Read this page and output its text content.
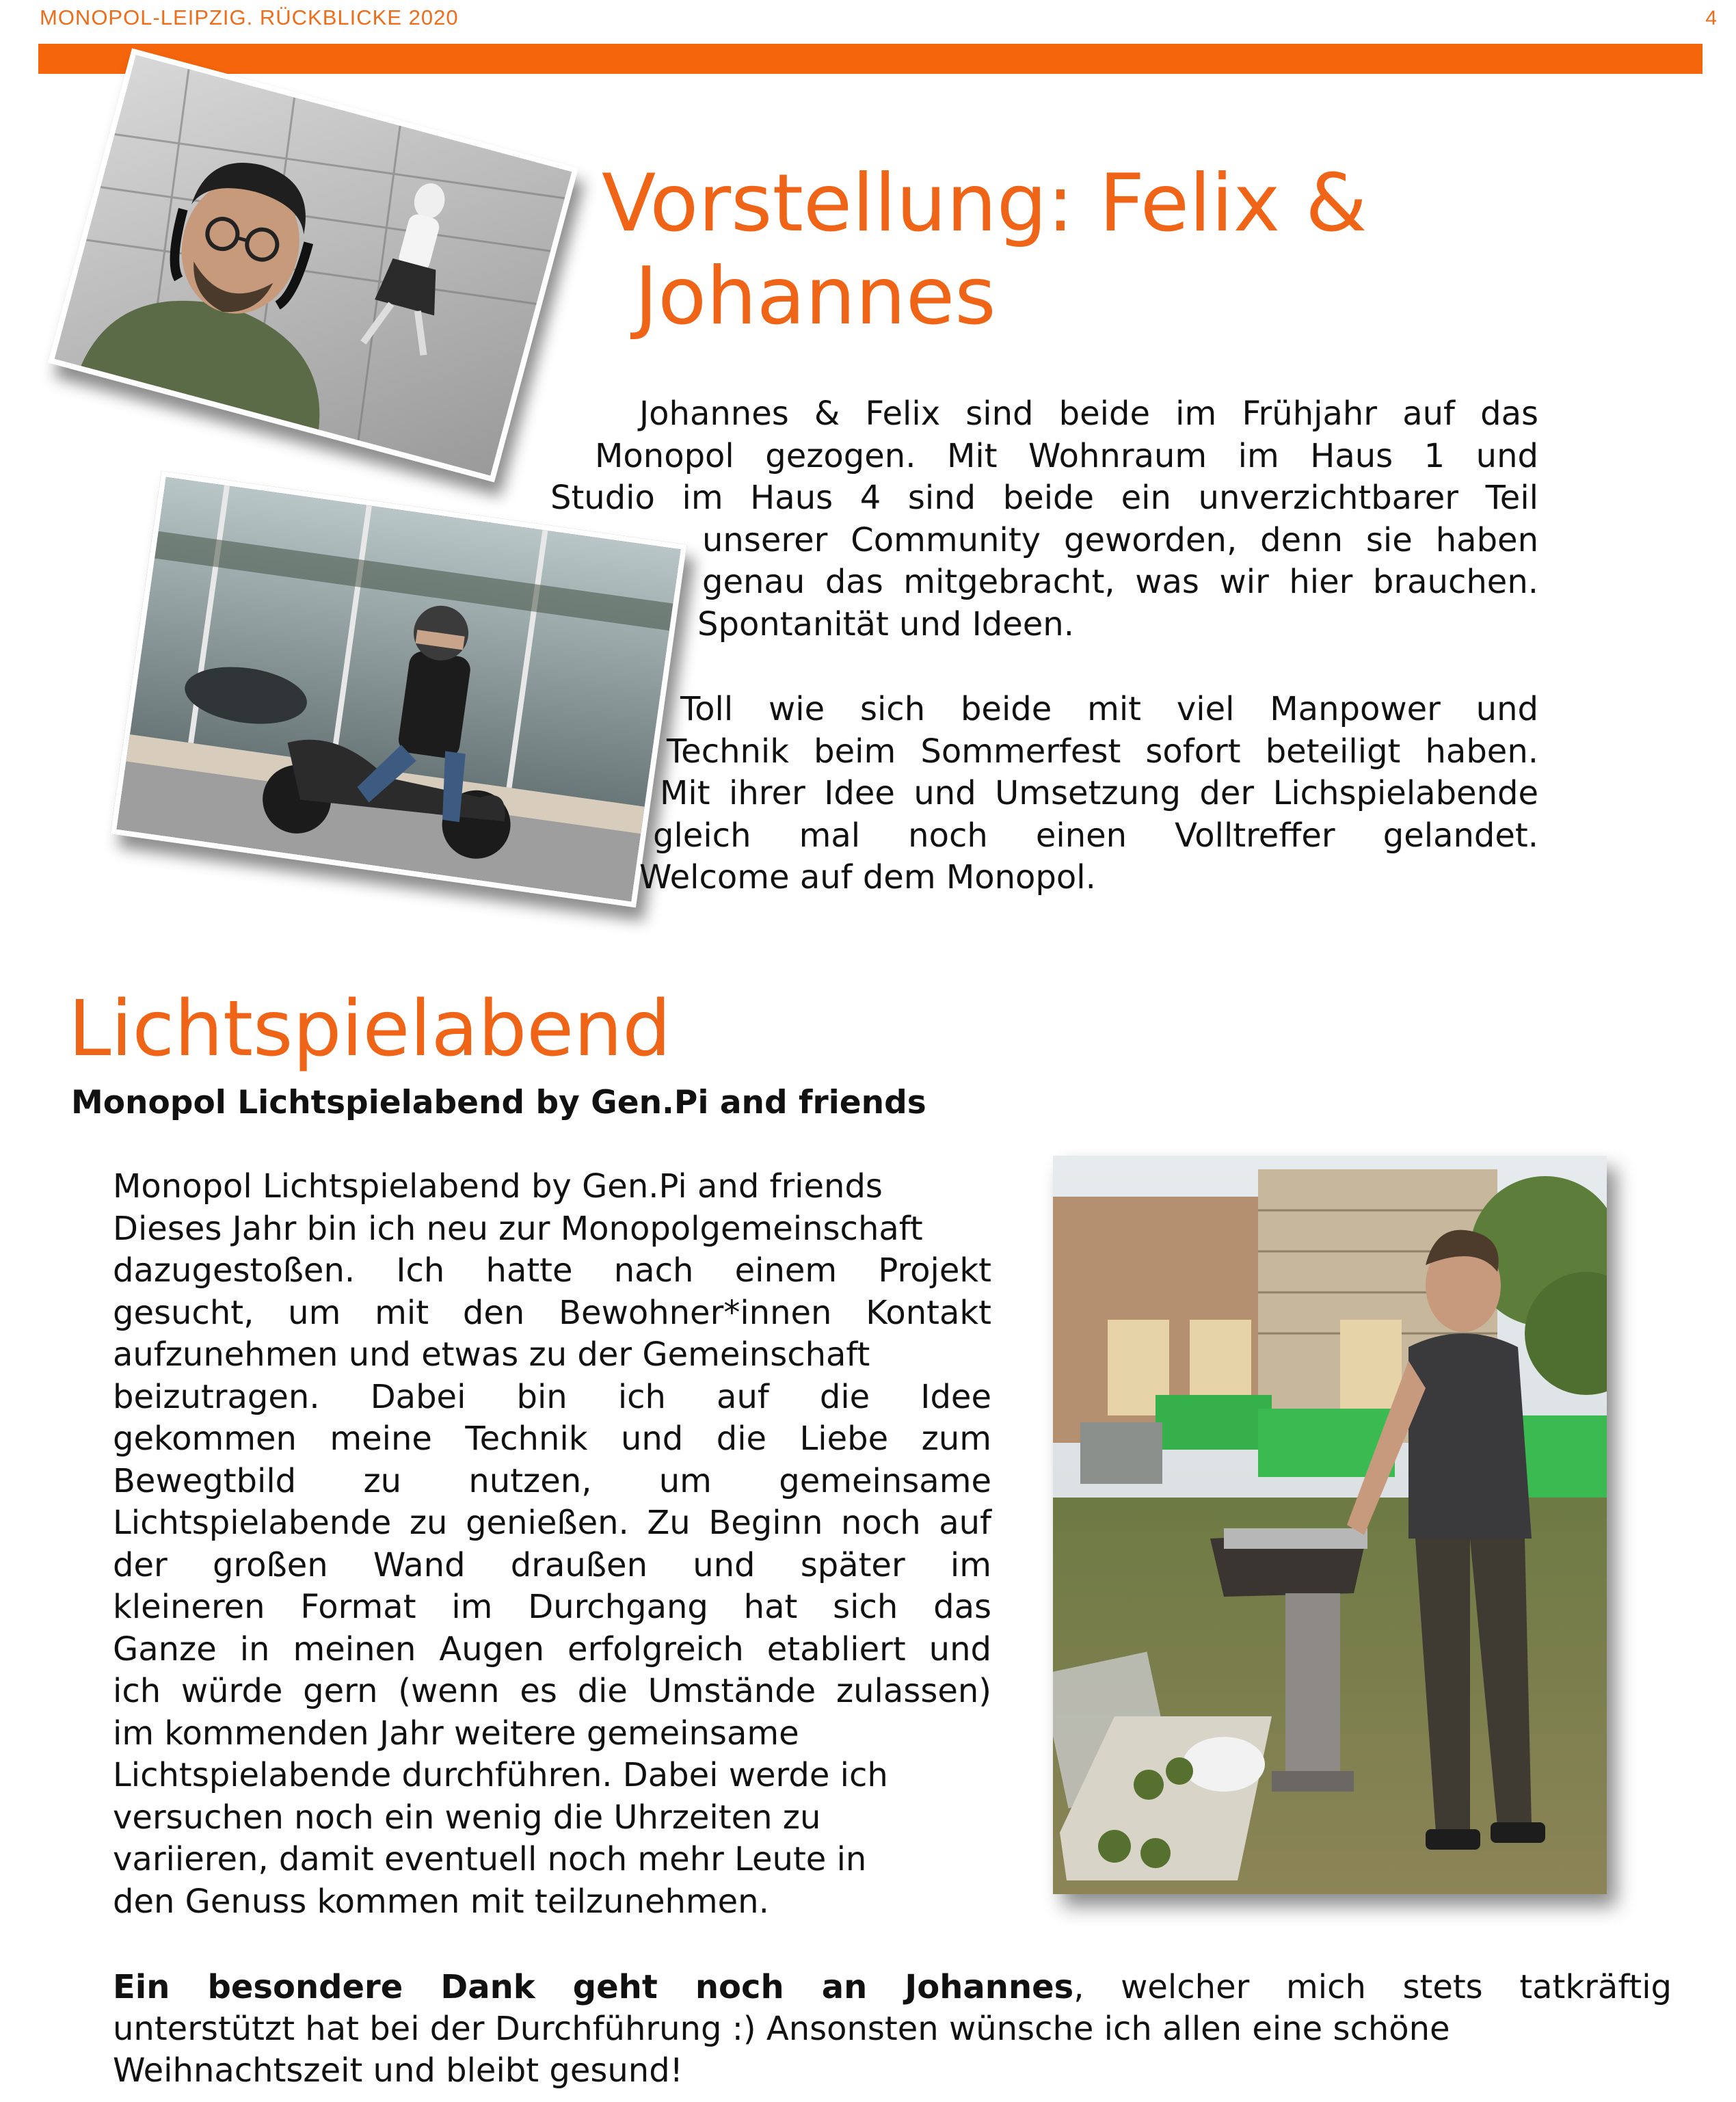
MONOPOL-LEIPZIG. RÜCKBLICKE 2020	4
Vorstellung: Felix &
Johannes
Johannes & Felix sind beide im Frühjahr auf das
Monopol gezogen. Mit Wohnraum im Haus 1 und
Studio im Haus 4 sind beide ein unverzichtbarer Teil
unserer Community geworden, denn sie haben
genau das mitgebracht, was wir hier brauchen.
Spontanität und Ideen.
Toll wie sich beide mit viel Manpower und
Technik beim Sommerfest sofort beteiligt haben.
Mit ihrer Idee und Umsetzung der Lichspielabende
gleich mal noch einen Volltreffer gelandet.
Welcome auf dem Monopol.
Lichtspielabend
Monopol Lichtspielabend by Gen.Pi and friends
Monopol Lichtspielabend by Gen.Pi and friends
Dieses Jahr bin ich neu zur Monopolgemeinschaft
dazugestoßen. Ich hatte nach einem Projekt
gesucht, um mit den Bewohner*innen Kontakt
aufzunehmen und etwas zu der Gemeinschaft
beizutragen. Dabei bin ich auf die Idee
gekommen meine Technik und die Liebe zum
Bewegtbild zu nutzen, um gemeinsame
Lichtspielabende zu genießen. Zu Beginn noch auf
der großen Wand draußen und später im
kleineren Format im Durchgang hat sich das
Ganze in meinen Augen erfolgreich etabliert und
ich würde gern (wenn es die Umstände zulassen)
im kommenden Jahr weitere gemeinsame
Lichtspielabende durchführen. Dabei werde ich
versuchen noch ein wenig die Uhrzeiten zu
variieren, damit eventuell noch mehr Leute in
den Genuss kommen mit teilzunehmen.
Ein besondere Dank geht noch an Johannes, welcher mich stets tatkräftig
unterstützt hat bei der Durchführung :) Ansonsten wünsche ich allen eine schöne
Weihnachtszeit und bleibt gesund!
